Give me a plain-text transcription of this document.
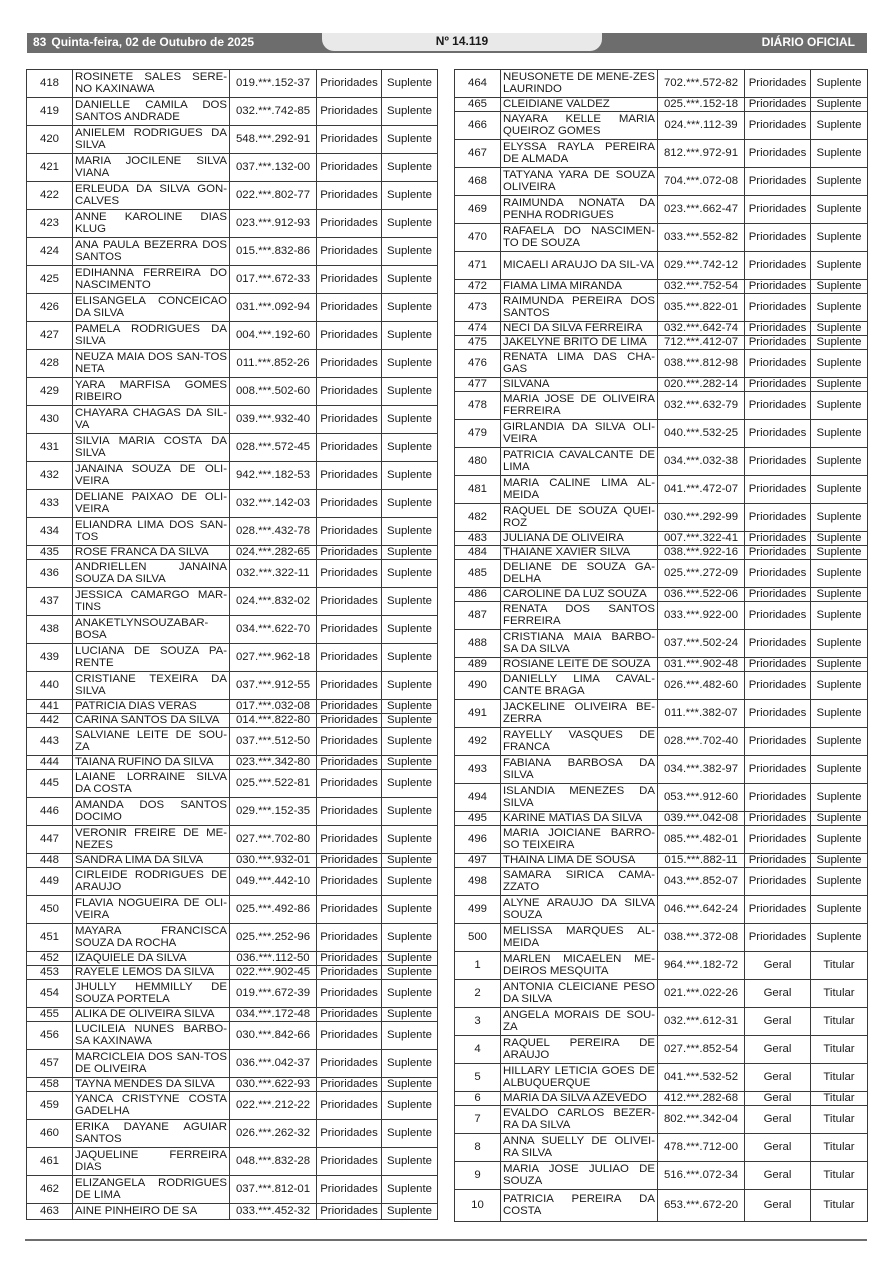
83 Quinta-feira, 02 de Outubro de 2025	Nº 14.119	DIÁRIO OFICIAL
418	ROSINETE SALES SERE-NO KAXINAWA	019.***.152-37	Prioridades	Suplente
419	DANIELLE CAMILA DOS SANTOS ANDRADE	032.***.742-85	Prioridades	Suplente
420	ANIELEM RODRIGUES DA SILVA	548.***.292-91	Prioridades	Suplente
421	MARIA JOCILENE SILVA VIANA	037.***.132-00	Prioridades	Suplente
422	ERLEUDA DA SILVA GON-CALVES	022.***.802-77	Prioridades	Suplente
423	ANNE KAROLINE DIAS KLUG	023.***.912-93	Prioridades	Suplente
424	ANA PAULA BEZERRA DOS SANTOS	015.***.832-86	Prioridades	Suplente
425	EDIHANNA FERREIRA DO NASCIMENTO	017.***.672-33	Prioridades	Suplente
426	ELISANGELA CONCEICAO DA SILVA	031.***.092-94	Prioridades	Suplente
427	PAMELA RODRIGUES DA SILVA	004.***.192-60	Prioridades	Suplente
428	NEUZA MAIA DOS SAN-TOS NETA	011.***.852-26	Prioridades	Suplente
429	YARA MARFISA GOMES RIBEIRO	008.***.502-60	Prioridades	Suplente
430	CHAYARA CHAGAS DA SIL-VA	039.***.932-40	Prioridades	Suplente
431	SILVIA MARIA COSTA DA SILVA	028.***.572-45	Prioridades	Suplente
432	JANAINA SOUZA DE OLI-VEIRA	942.***.182-53	Prioridades	Suplente
433	DELIANE PAIXAO DE OLI-VEIRA	032.***.142-03	Prioridades	Suplente
434	ELIANDRA LIMA DOS SAN-TOS	028.***.432-78	Prioridades	Suplente
435	ROSE FRANCA DA SILVA	024.***.282-65	Prioridades	Suplente
436	ANDRIELLEN JANAINA SOUZA DA SILVA	032.***.322-11	Prioridades	Suplente
437	JESSICA CAMARGO MAR-TINS	024.***.832-02	Prioridades	Suplente
438	ANAKETLYNSOUZABAR-BOSA	034.***.622-70	Prioridades	Suplente
439	LUCIANA DE SOUZA PA-RENTE	027.***.962-18	Prioridades	Suplente
440	CRISTIANE TEXEIRA DA SILVA	037.***.912-55	Prioridades	Suplente
441	PATRICIA DIAS VERAS	017.***.032-08	Prioridades	Suplente
442	CARINA SANTOS DA SILVA	014.***.822-80	Prioridades	Suplente
443	SALVIANE LEITE DE SOU-ZA	037.***.512-50	Prioridades	Suplente
444	TAIANA RUFINO DA SILVA	023.***.342-80	Prioridades	Suplente
445	LAIANE LORRAINE SILVA DA COSTA	025.***.522-81	Prioridades	Suplente
446	AMANDA DOS SANTOS DOCIMO	029.***.152-35	Prioridades	Suplente
447	VERONIR FREIRE DE ME-NEZES	027.***.702-80	Prioridades	Suplente
448	SANDRA LIMA DA SILVA	030.***.932-01	Prioridades	Suplente
449	CIRLEIDE RODRIGUES DE ARAUJO	049.***.442-10	Prioridades	Suplente
450	FLAVIA NOGUEIRA DE OLI-VEIRA	025.***.492-86	Prioridades	Suplente
451	MAYARA FRANCISCA SOUZA DA ROCHA	025.***.252-96	Prioridades	Suplente
452	IZAQUIELE DA SILVA	036.***.112-50	Prioridades	Suplente
453	RAYELE LEMOS DA SILVA	022.***.902-45	Prioridades	Suplente
454	JHULLY HEMMILLY DE SOUZA PORTELA	019.***.672-39	Prioridades	Suplente
455	ALIKA DE OLIVEIRA SILVA	034.***.172-48	Prioridades	Suplente
456	LUCILEIA NUNES BARBO-SA KAXINAWA	030.***.842-66	Prioridades	Suplente
457	MARCICLEIA DOS SAN-TOS DE OLIVEIRA	036.***.042-37	Prioridades	Suplente
458	TAYNA MENDES DA SILVA	030.***.622-93	Prioridades	Suplente
459	YANCA CRISTYNE COSTA GADELHA	022.***.212-22	Prioridades	Suplente
460	ERIKA DAYANE AGUIAR SANTOS	026.***.262-32	Prioridades	Suplente
461	JAQUELINE FERREIRA DIAS	048.***.832-28	Prioridades	Suplente
462	ELIZANGELA RODRIGUES DE LIMA	037.***.812-01	Prioridades	Suplente
463	AINE PINHEIRO DE SA	033.***.452-32	Prioridades	Suplente
464	NEUSONETE DE MENE-ZES LAURINDO	702.***.572-82	Prioridades	Suplente
465	CLEIDIANE VALDEZ	025.***.152-18	Prioridades	Suplente
466	NAYARA KELLE MARIA QUEIROZ GOMES	024.***.112-39	Prioridades	Suplente
467	ELYSSA RAYLA PEREIRA DE ALMADA	812.***.972-91	Prioridades	Suplente
468	TATYANA YARA DE SOUZA OLIVEIRA	704.***.072-08	Prioridades	Suplente
469	RAIMUNDA NONATA DA PENHA RODRIGUES	023.***.662-47	Prioridades	Suplente
470	RAFAELA DO NASCIMEN-TO DE SOUZA	033.***.552-82	Prioridades	Suplente
471	MICAELI ARAUJO DA SIL-VA	029.***.742-12	Prioridades	Suplente
472	FIAMA LIMA MIRANDA	032.***.752-54	Prioridades	Suplente
473	RAIMUNDA PEREIRA DOS SANTOS	035.***.822-01	Prioridades	Suplente
474	NECI DA SILVA FERREIRA	032.***.642-74	Prioridades	Suplente
475	JAKELYNE BRITO DE LIMA	712.***.412-07	Prioridades	Suplente
476	RENATA LIMA DAS CHA-GAS	038.***.812-98	Prioridades	Suplente
477	SILVANA	020.***.282-14	Prioridades	Suplente
478	MARIA JOSE DE OLIVEIRA FERREIRA	032.***.632-79	Prioridades	Suplente
479	GIRLANDIA DA SILVA OLI-VEIRA	040.***.532-25	Prioridades	Suplente
480	PATRICIA CAVALCANTE DE LIMA	034.***.032-38	Prioridades	Suplente
481	MARIA CALINE LIMA AL-MEIDA	041.***.472-07	Prioridades	Suplente
482	RAQUEL DE SOUZA QUEI-ROZ	030.***.292-99	Prioridades	Suplente
483	JULIANA DE OLIVEIRA	007.***.322-41	Prioridades	Suplente
484	THAIANE XAVIER SILVA	038.***.922-16	Prioridades	Suplente
485	DELIANE DE SOUZA GA-DELHA	025.***.272-09	Prioridades	Suplente
486	CAROLINE DA LUZ SOUZA	036.***.522-06	Prioridades	Suplente
487	RENATA DOS SANTOS FERREIRA	033.***.922-00	Prioridades	Suplente
488	CRISTIANA MAIA BARBO-SA DA SILVA	037.***.502-24	Prioridades	Suplente
489	ROSIANE LEITE DE SOUZA	031.***.902-48	Prioridades	Suplente
490	DANIELLY LIMA CAVAL-CANTE BRAGA	026.***.482-60	Prioridades	Suplente
491	JACKELINE OLIVEIRA BE-ZERRA	011.***.382-07	Prioridades	Suplente
492	RAYELLY VASQUES DE FRANCA	028.***.702-40	Prioridades	Suplente
493	FABIANA BARBOSA DA SILVA	034.***.382-97	Prioridades	Suplente
494	ISLANDIA MENEZES DA SILVA	053.***.912-60	Prioridades	Suplente
495	KARINE MATIAS DA SILVA	039.***.042-08	Prioridades	Suplente
496	MARIA JOICIANE BARRO-SO TEIXEIRA	085.***.482-01	Prioridades	Suplente
497	THAINA LIMA DE SOUSA	015.***.882-11	Prioridades	Suplente
498	SAMARA SIRICA CAMA-ZZATO	043.***.852-07	Prioridades	Suplente
499	ALYNE ARAUJO DA SILVA SOUZA	046.***.642-24	Prioridades	Suplente
500	MELISSA MARQUES AL-MEIDA	038.***.372-08	Prioridades	Suplente
1	MARLEN MICAELEN ME-DEIROS MESQUITA	964.***.182-72	Geral	Titular
2	ANTONIA CLEICIANE PESO DA SILVA	021.***.022-26	Geral	Titular
3	ANGELA MORAIS DE SOU-ZA	032.***.612-31	Geral	Titular
4	RAQUEL PEREIRA DE ARAUJO	027.***.852-54	Geral	Titular
5	HILLARY LETICIA GOES DE ALBUQUERQUE	041.***.532-52	Geral	Titular
6	MARIA DA SILVA AZEVEDO	412.***.282-68	Geral	Titular
7	EVALDO CARLOS BEZER-RA DA SILVA	802.***.342-04	Geral	Titular
8	ANNA SUELLY DE OLIVEI-RA SILVA	478.***.712-00	Geral	Titular
9	MARIA JOSE JULIAO DE SOUZA	516.***.072-34	Geral	Titular
10	PATRICIA PEREIRA DA COSTA	653.***.672-20	Geral	Titular
